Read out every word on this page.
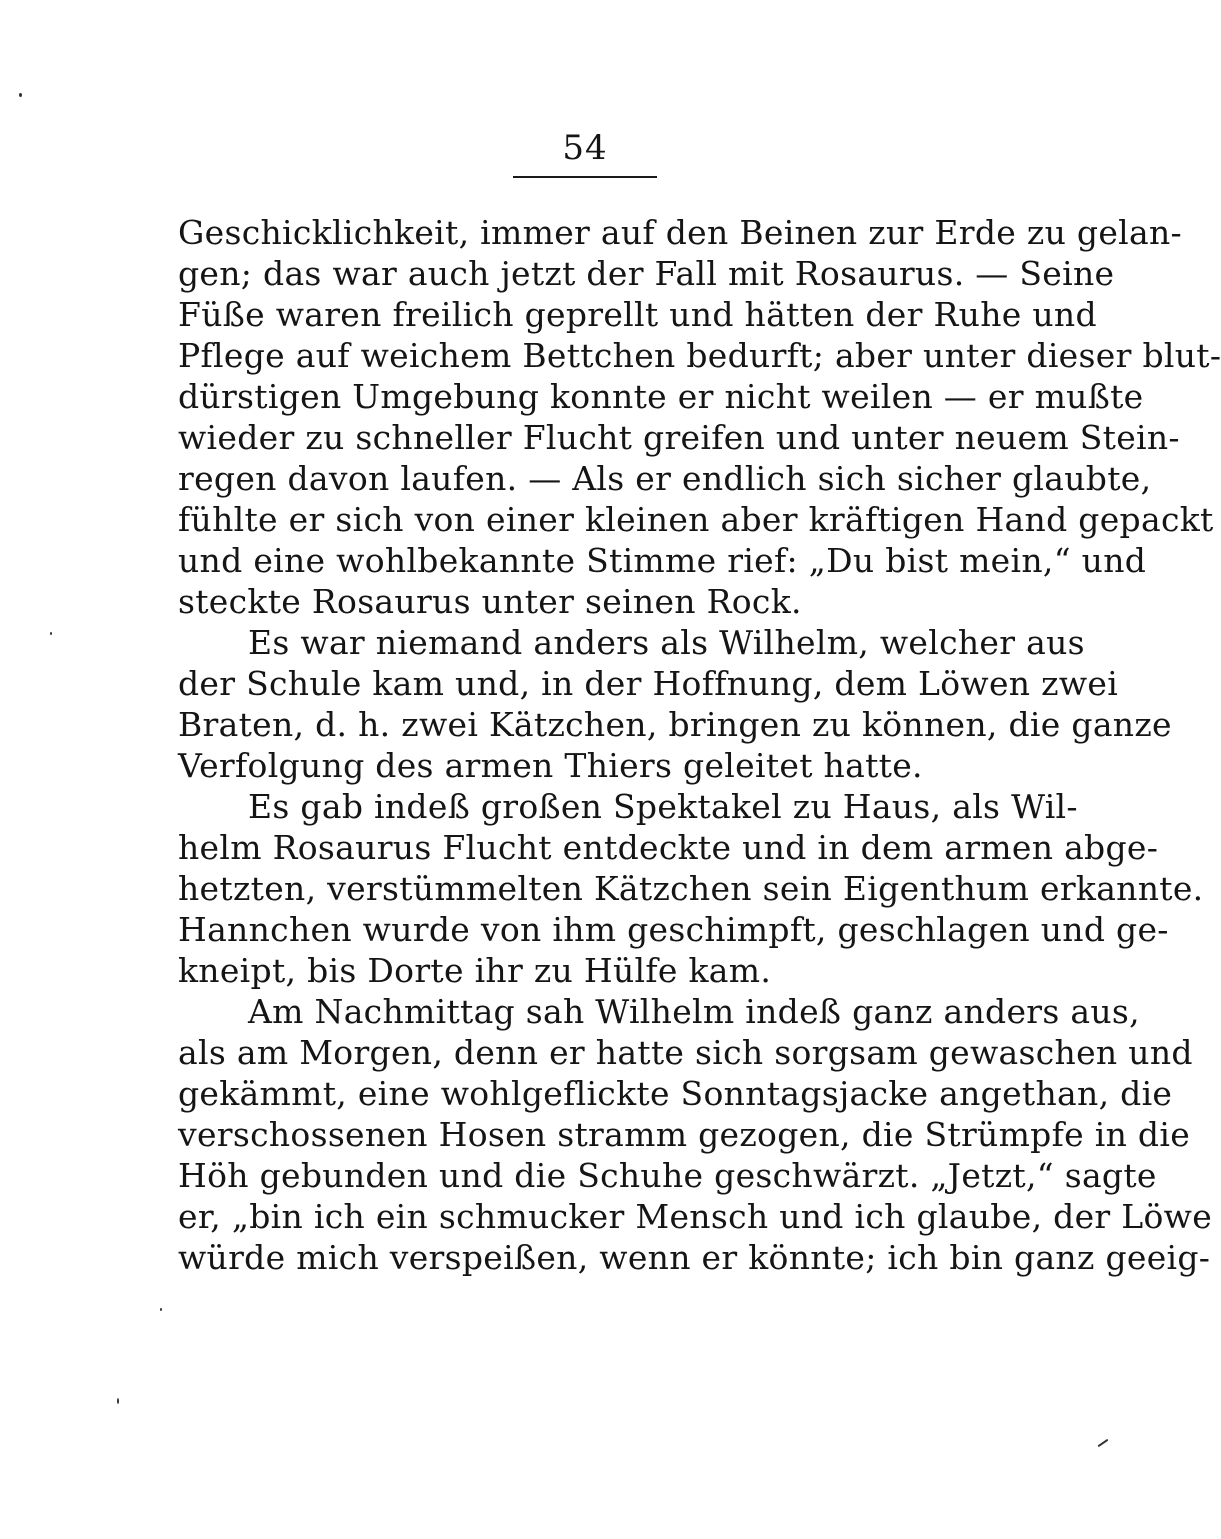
54
Geschicklichkeit, immer auf den Beinen zur Erde zu gelan-
gen; das war auch jetzt der Fall mit Rosaurus. — Seine
Füße waren freilich geprellt und hätten der Ruhe und
Pflege auf weichem Bettchen bedurft; aber unter dieser blut-
dürstigen Umgebung konnte er nicht weilen — er mußte
wieder zu schneller Flucht greifen und unter neuem Stein-
regen davon laufen. — Als er endlich sich sicher glaubte,
fühlte er sich von einer kleinen aber kräftigen Hand gepackt
und eine wohlbekannte Stimme rief: „Du bist mein,“ und
steckte Rosaurus unter seinen Rock.
Es war niemand anders als Wilhelm, welcher aus
der Schule kam und, in der Hoffnung, dem Löwen zwei
Braten, d. h. zwei Kätzchen, bringen zu können, die ganze
Verfolgung des armen Thiers geleitet hatte.
Es gab indeß großen Spektakel zu Haus, als Wil-
helm Rosaurus Flucht entdeckte und in dem armen abge-
hetzten, verstümmelten Kätzchen sein Eigenthum erkannte.
Hannchen wurde von ihm geschimpft, geschlagen und ge-
kneipt, bis Dorte ihr zu Hülfe kam.
Am Nachmittag sah Wilhelm indeß ganz anders aus,
als am Morgen, denn er hatte sich sorgsam gewaschen und
gekämmt, eine wohlgeflickte Sonntagsjacke angethan, die
verschossenen Hosen stramm gezogen, die Strümpfe in die
Höh gebunden und die Schuhe geschwärzt. „Jetzt,“ sagte
er, „bin ich ein schmucker Mensch und ich glaube, der Löwe
würde mich verspeißen, wenn er könnte; ich bin ganz geeig-
